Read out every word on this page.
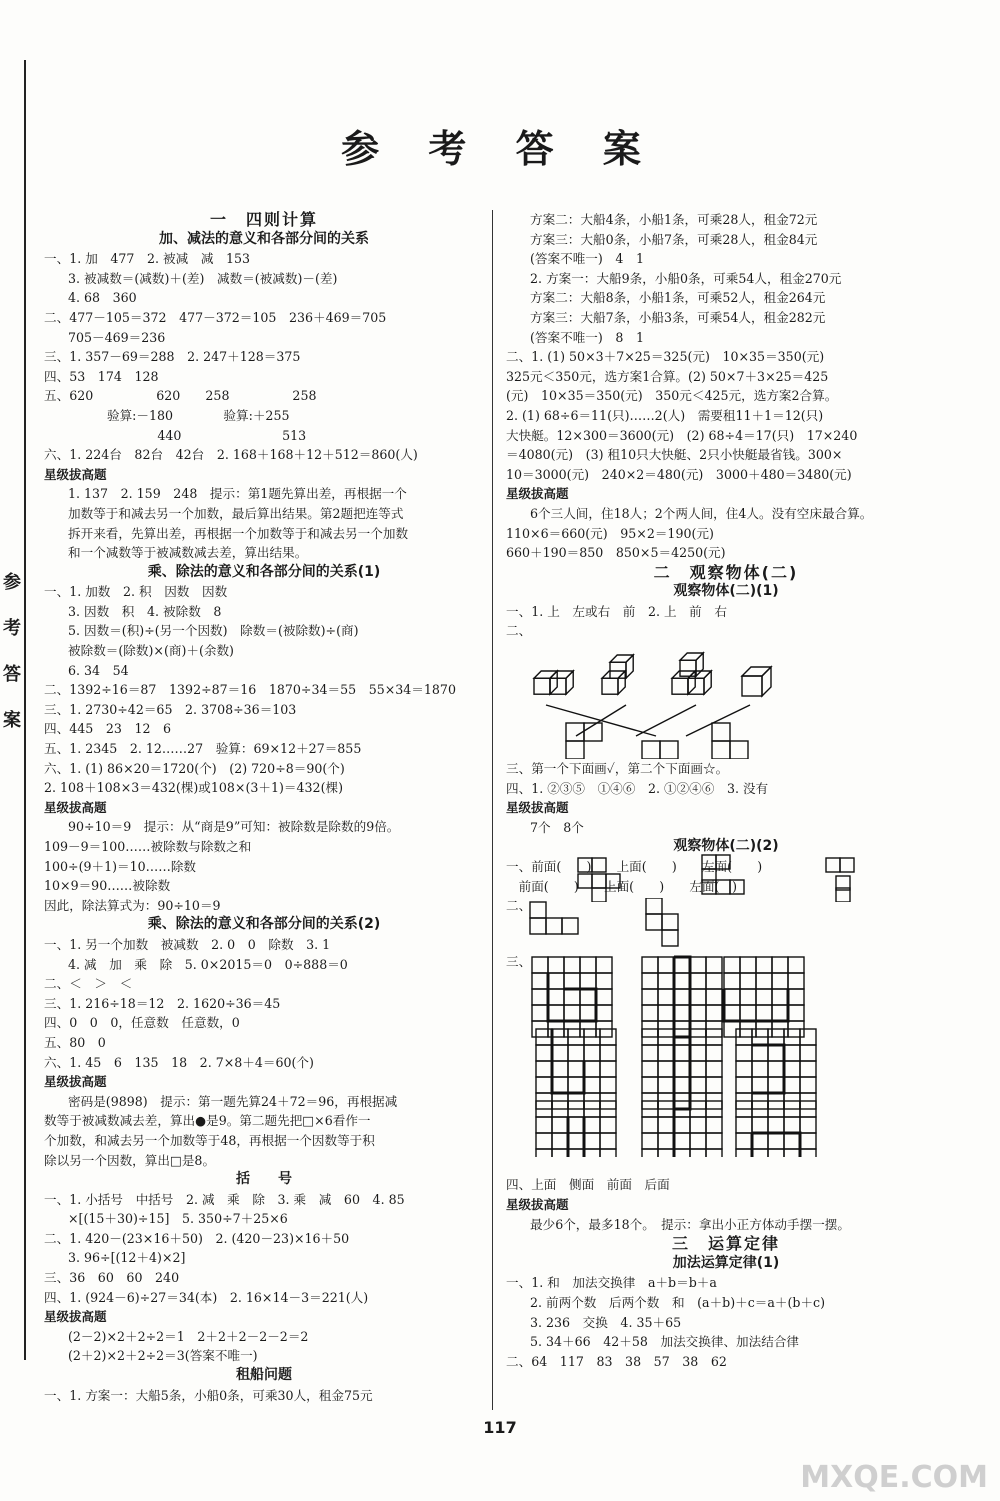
参
考
答
案
参 考 答 案
一　四则计算
加、减法的意义和各部分间的关系
一、1. 加　477　2. 被减　减　153
3. 被减数＝(减数)＋(差)　减数＝(被减数)－(差)
4. 68　360
二、477－105＝372　477－372＝105　236＋469＝705
705－469＝236
三、1. 357－69＝288　2. 247＋128＝375
四、53　174　128
五、620　　　　　620　　258　　　　　258
　　　　　验算:－180　　　　验算:＋255
　　　　　　　　　440　　　　　　　　513
六、1. 224台　82台　42台　2. 168＋168＋12＋512＝860(人)
星级拔高题
1. 137　2. 159　248　提示：第1题先算出差，再根据一个
加数等于和减去另一个加数，最后算出结果。第2题把连等式
拆开来看，先算出差，再根据一个加数等于和减去另一个加数
和一个减数等于被减数减去差，算出结果。
乘、除法的意义和各部分间的关系(1)
一、1. 加数　2. 积　因数　因数
3. 因数　积　4. 被除数　8
5. 因数＝(积)÷(另一个因数)　除数＝(被除数)÷(商)
被除数＝(除数)×(商)＋(余数)
6. 34　54
二、1392÷16＝87　1392÷87＝16　1870÷34＝55　55×34＝1870
三、1. 2730÷42＝65　2. 3708÷36＝103
四、445　23　12　6
五、1. 2345　2. 12……27　验算：69×12＋27＝855
六、1. (1) 86×20＝1720(个)　(2) 720÷8＝90(个)
2. 108＋108×3＝432(棵)或108×(3＋1)＝432(棵)
星级拔高题
90÷10＝9　提示：从“商是9”可知：被除数是除数的9倍。
109－9＝100……被除数与除数之和
100÷(9＋1)＝10……除数
10×9＝90……被除数
因此，除法算式为：90÷10＝9
乘、除法的意义和各部分间的关系(2)
一、1. 另一个加数　被减数　2. 0　0　除数　3. 1
4. 减　加　乘　除　5. 0×2015＝0　0÷888＝0
二、＜　＞　＜
三、1. 216÷18＝12　2. 1620÷36＝45
四、0　0　0，任意数　任意数，0
五、80　0
六、1. 45　6　135　18　2. 7×8＋4＝60(个)
星级拔高题
密码是(9898)　提示：第一题先算24＋72＝96，再根据减
数等于被减数减去差，算出●是9。第二题先把□×6看作一
个加数，和减去另一个加数等于48，再根据一个因数等于积
除以另一个因数，算出□是8。
括　　号
一、1. 小括号　中括号　2. 减　乘　除　3. 乘　减　60　4. 85
×[(15＋30)÷15]　5. 350÷7＋25×6
二、1. 420－(23×16＋50)　2. (420－23)×16＋50
3. 96÷[(12＋4)×2]
三、36　60　60　240
四、1. (924－6)÷27＝34(本)　2. 16×14－3＝221(人)
星级拔高题
(2－2)×2＋2÷2＝1　2＋2＋2－2－2＝2
(2＋2)×2＋2÷2＝3(答案不唯一)
租船问题
一、1. 方案一：大船5条，小船0条，可乘30人，租金75元
方案二：大船4条，小船1条，可乘28人，租金72元
方案三：大船0条，小船7条，可乘28人，租金84元
(答案不唯一)　4　1
2. 方案一：大船9条，小船0条，可乘54人，租金270元
方案二：大船8条，小船1条，可乘52人，租金264元
方案三：大船7条，小船3条，可乘54人，租金282元
(答案不唯一)　8　1
二、1. (1) 50×3＋7×25＝325(元)　10×35＝350(元)
325元＜350元，选方案1合算。(2) 50×7＋3×25＝425
(元)　10×35＝350(元)　350元＜425元，选方案2合算。
2. (1) 68÷6＝11(只)……2(人)　需要租11＋1＝12(只)
大快艇。12×300＝3600(元)　(2) 68÷4＝17(只)　17×240
＝4080(元)　(3) 租10只大快艇、2只小快艇最省钱。300×
10＝3000(元)　240×2＝480(元)　3000＋480＝3480(元)
星级拔高题
6个三人间，住18人；2个两人间，住4人。没有空床最合算。
110×6＝660(元)　95×2＝190(元)
660＋190＝850　850×5＝4250(元)
二　观察物体(二)
观察物体(二)(1)
一、1. 上　左或右　前　2. 上　前　右
二、
三、第一个下面画✓，第二个下面画☆。
四、1. ②③⑤　①④⑥　2. ①②④⑥　3. 没有
星级拔高题
7个　8个
观察物体(二)(2)
一、前面(　　)　　上面(　　)　　左面(　　)
　前面(　　)　　上面(　　)　　左面(　)
二、
三、
四、上面　侧面　前面　后面
星级拔高题
最少6个，最多18个。　提示：拿出小正方体动手摆一摆。
三　运算定律
加法运算定律(1)
一、1. 和　加法交换律　a＋b＝b＋a
2. 前两个数　后两个数　和　(a＋b)＋c＝a＋(b＋c)
3. 236　交换　4. 35＋65
5. 34＋66　42＋58　加法交换律、加法结合律
二、64　117　83　38　57　38　62
117
MXQE.COM
